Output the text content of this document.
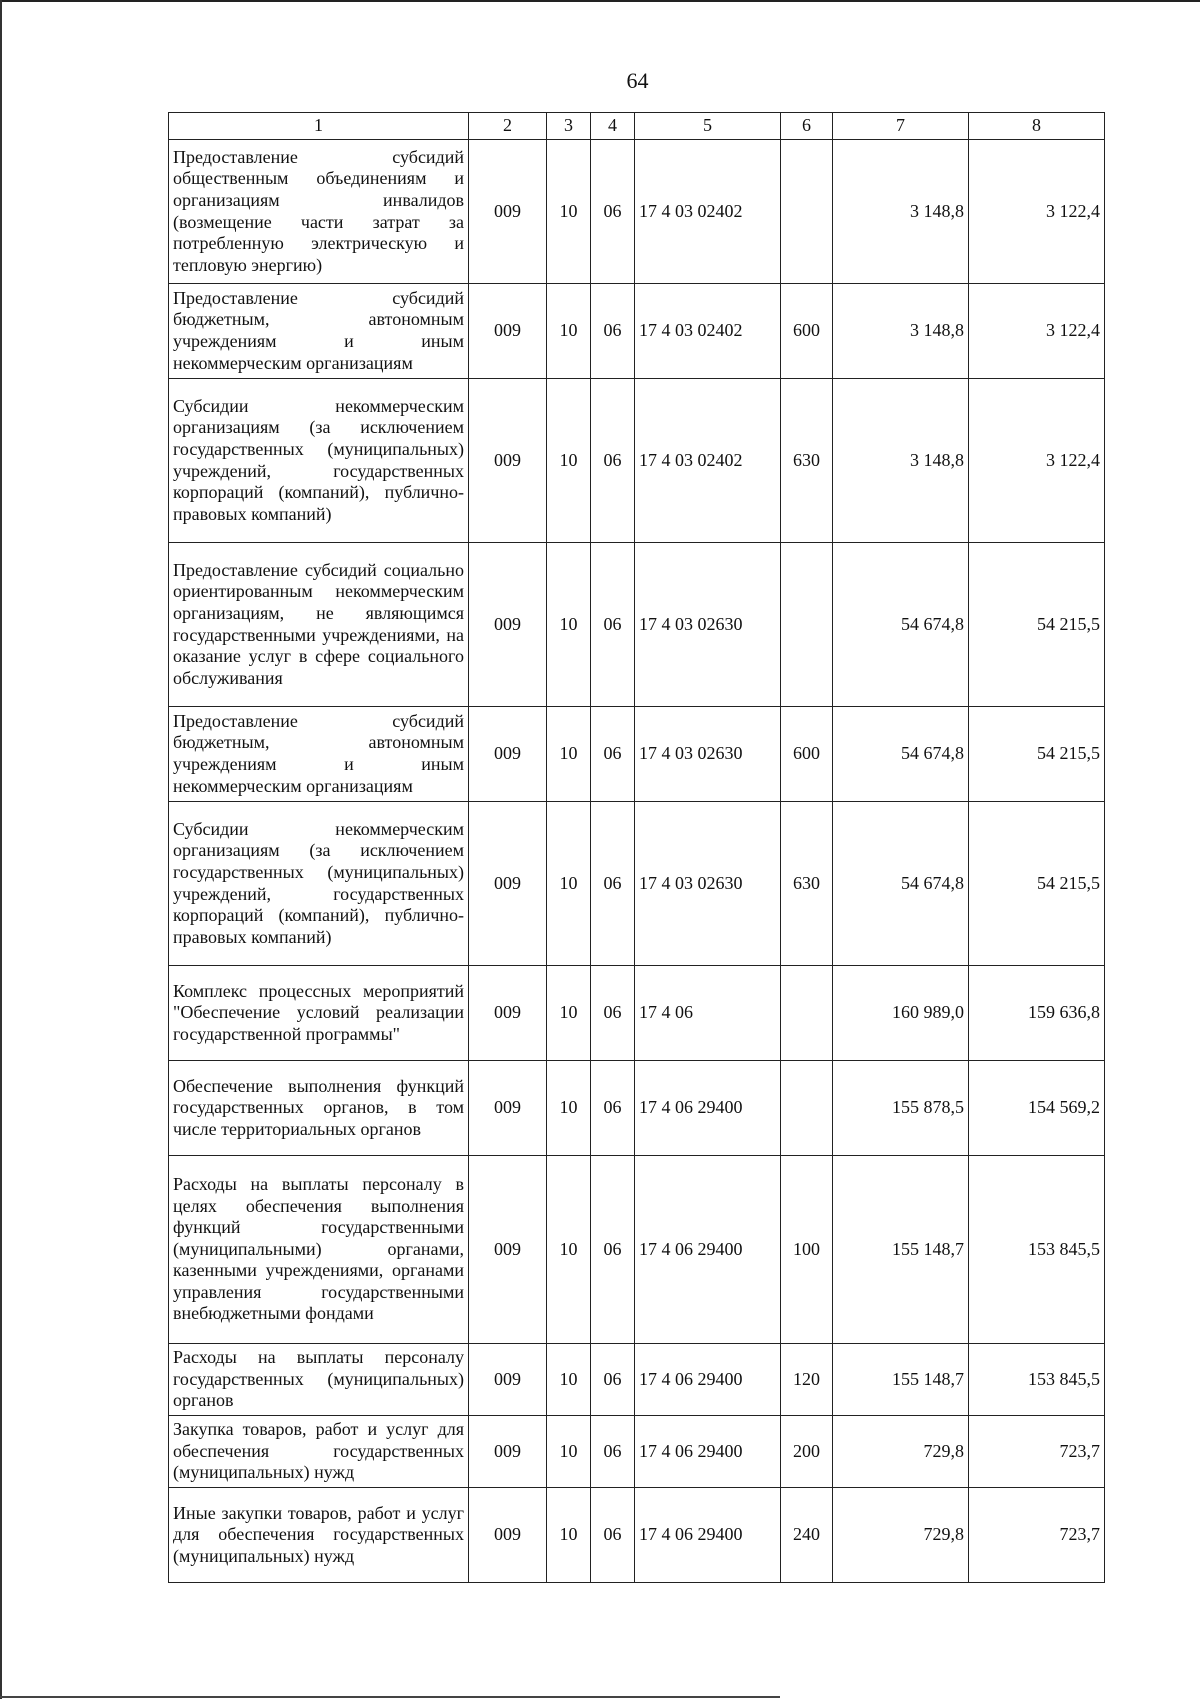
64
1	2	3	4	5	6	7	8
Предоставление субсидий общественным объединениям и организациям инвалидов (возмещение части затрат за потребленную электрическую и тепловую энергию)	009	10	06	17 4 03 02402		3 148,8	3 122,4
Предоставление субсидий бюджетным, автономным учреждениям и иным некоммерческим организациям	009	10	06	17 4 03 02402	600	3 148,8	3 122,4
Субсидии некоммерческим организациям (за исключением государственных (муниципальных) учреждений, государственных корпораций (компаний), публично-правовых компаний)	009	10	06	17 4 03 02402	630	3 148,8	3 122,4
Предоставление субсидий социально ориентированным некоммерческим организациям, не являющимся государственными учреждениями, на оказание услуг в сфере социального обслуживания	009	10	06	17 4 03 02630		54 674,8	54 215,5
Предоставление субсидий бюджетным, автономным учреждениям и иным некоммерческим организациям	009	10	06	17 4 03 02630	600	54 674,8	54 215,5
Субсидии некоммерческим организациям (за исключением государственных (муниципальных) учреждений, государственных корпораций (компаний), публично-правовых компаний)	009	10	06	17 4 03 02630	630	54 674,8	54 215,5
Комплекс процессных мероприятий "Обеспечение условий реализации государственной программы"	009	10	06	17 4 06		160 989,0	159 636,8
Обеспечение выполнения функций государственных органов, в том числе территориальных органов	009	10	06	17 4 06 29400		155 878,5	154 569,2
Расходы на выплаты персоналу в целях обеспечения выполнения функций государственными (муниципальными) органами, казенными учреждениями, органами управления государственными внебюджетными фондами	009	10	06	17 4 06 29400	100	155 148,7	153 845,5
Расходы на выплаты персоналу государственных (муниципальных) органов	009	10	06	17 4 06 29400	120	155 148,7	153 845,5
Закупка товаров, работ и услуг для обеспечения государственных (муниципальных) нужд	009	10	06	17 4 06 29400	200	729,8	723,7
Иные закупки товаров, работ и услуг для обеспечения государственных (муниципальных) нужд	009	10	06	17 4 06 29400	240	729,8	723,7
